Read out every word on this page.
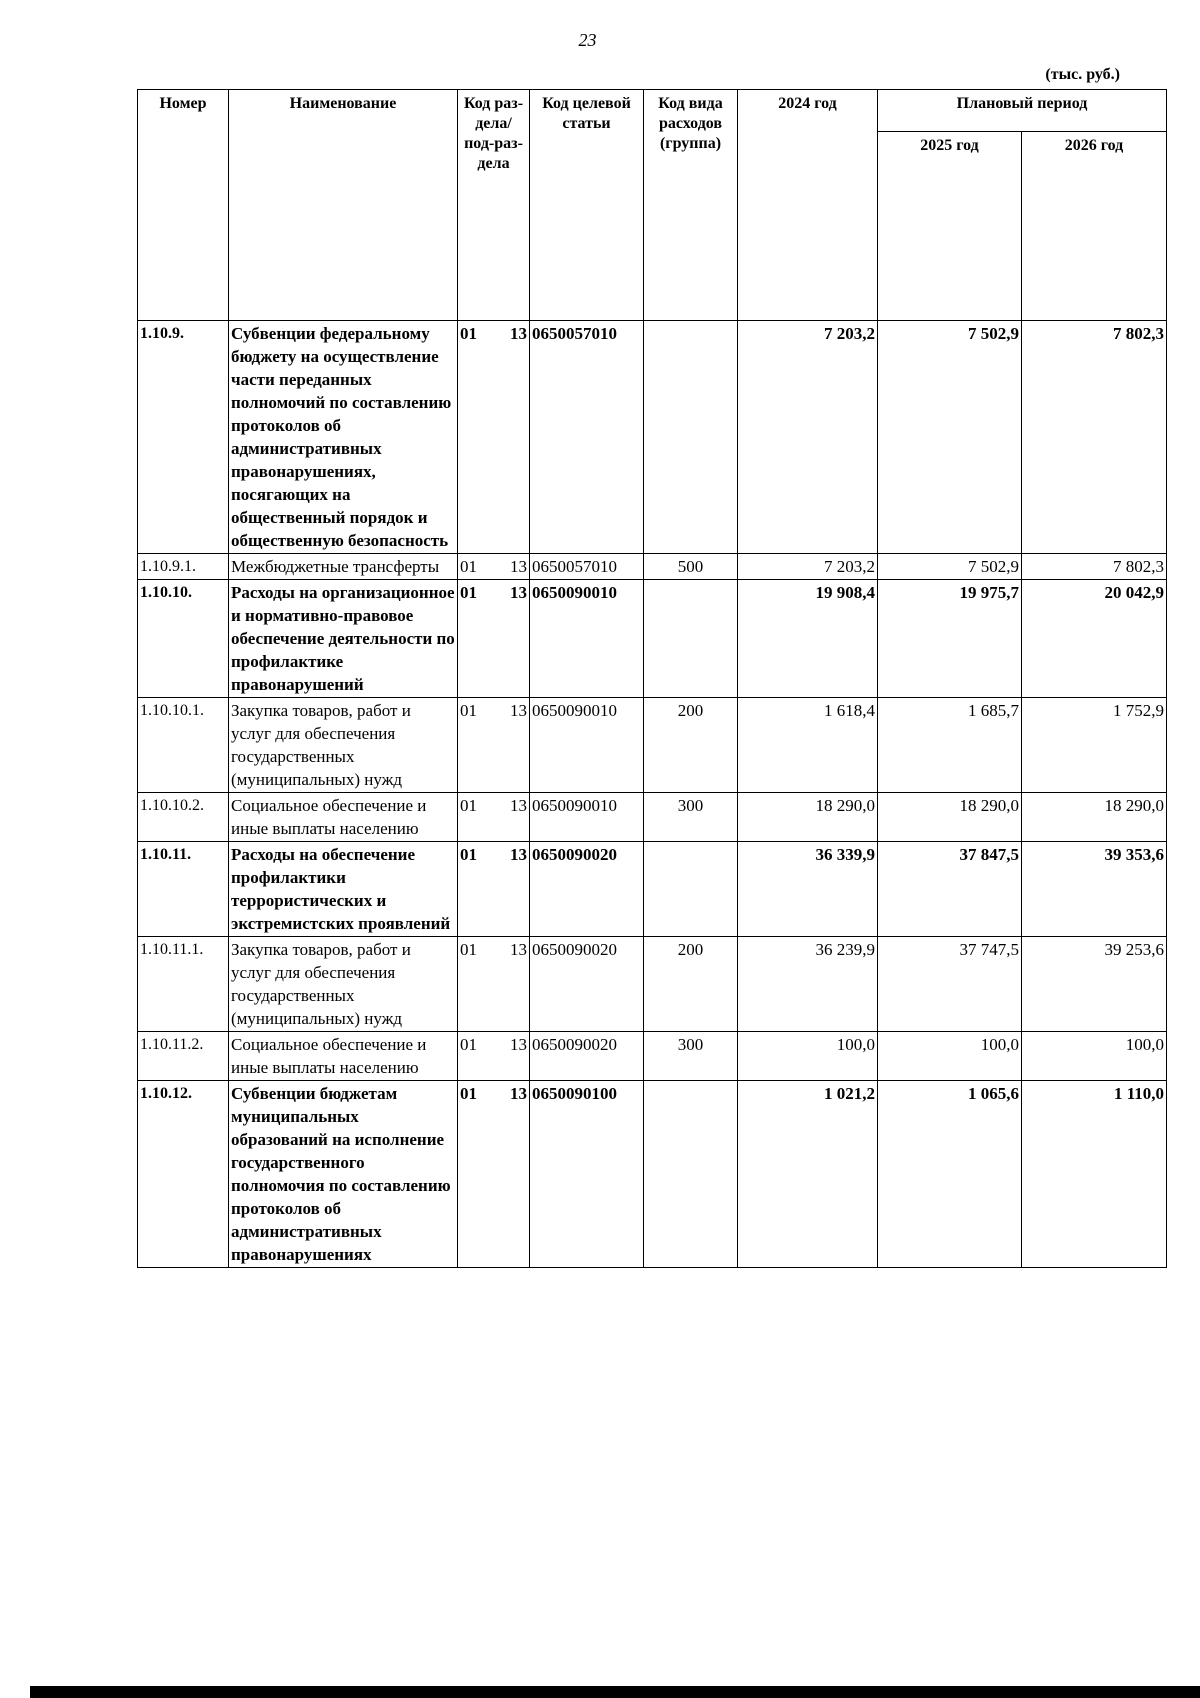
23
(тыс. руб.)
Номер	Наименование	Код раз-дела/ под-раз-дела	Код целевой статьи	Код вида расходов (группа)	2024 год	Плановый период	
						2025 год	2026 год
1.10.9.	Субвенции федеральному бюджету на осуществление части переданных полномочий по составлению протоколов об административных правонарушениях, посягающих на общественный порядок и общественную безопасность	01 13	0650057010		7 203,2	7 502,9	7 802,3
1.10.9.1.	Межбюджетные трансферты	01 13	0650057010	500	7 203,2	7 502,9	7 802,3
1.10.10.	Расходы на организационное и нормативно-правовое обеспечение деятельности по профилактике правонарушений	01 13	0650090010		19 908,4	19 975,7	20 042,9
1.10.10.1.	Закупка товаров, работ и услуг для обеспечения государственных (муниципальных) нужд	01 13	0650090010	200	1 618,4	1 685,7	1 752,9
1.10.10.2.	Социальное обеспечение и иные выплаты населению	01 13	0650090010	300	18 290,0	18 290,0	18 290,0
1.10.11.	Расходы на обеспечение профилактики террористических и экстремистских проявлений	01 13	0650090020		36 339,9	37 847,5	39 353,6
1.10.11.1.	Закупка товаров, работ и услуг для обеспечения государственных (муниципальных) нужд	01 13	0650090020	200	36 239,9	37 747,5	39 253,6
1.10.11.2.	Социальное обеспечение и иные выплаты населению	01 13	0650090020	300	100,0	100,0	100,0
1.10.12.	Субвенции бюджетам муниципальных образований на исполнение государственного полномочия по составлению протоколов об административных правонарушениях	01 13	0650090100		1 021,2	1 065,6	1 110,0
